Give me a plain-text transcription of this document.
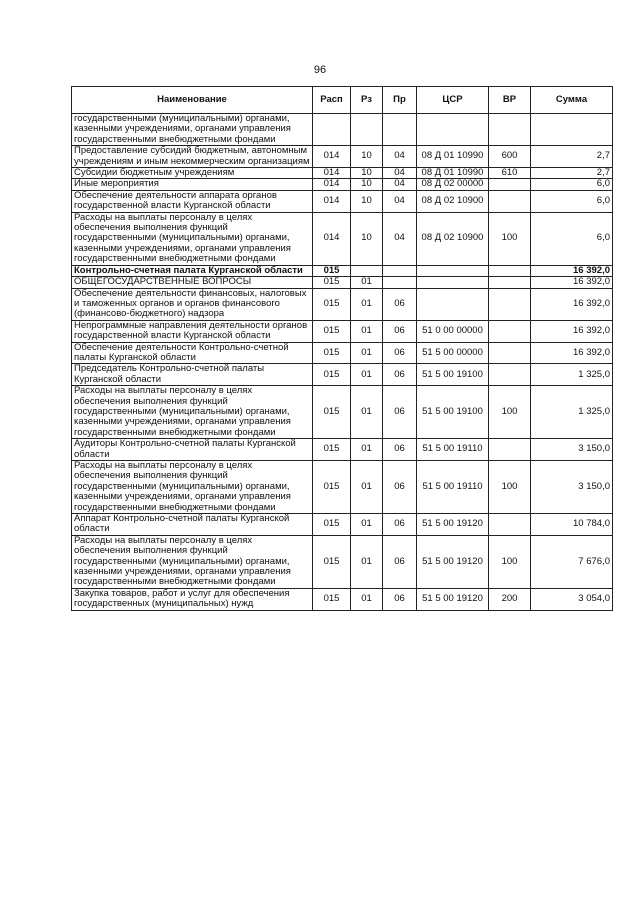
96
Наименование	Расп	Рз	Пр	ЦСР	ВР	Сумма
государственными (муниципальными) органами, казенными учреждениями, органами управления государственными внебюджетными фондами						
Предоставление субсидий бюджетным, автономным учреждениям и иным некоммерческим организациям	014	10	04	08 Д 01 10990	600	2,7
Субсидии бюджетным учреждениям	014	10	04	08 Д 01 10990	610	2,7
Иные мероприятия	014	10	04	08 Д 02 00000		6,0
Обеспечение деятельности аппарата органов государственной власти Курганской области	014	10	04	08 Д 02 10900		6,0
Расходы на выплаты персоналу в целях обеспечения выполнения функций государственными (муниципальными) органами, казенными учреждениями, органами управления государственными внебюджетными фондами	014	10	04	08 Д 02 10900	100	6,0
Контрольно-счетная палата Курганской области	015					16 392,0
ОБЩЕГОСУДАРСТВЕННЫЕ ВОПРОСЫ	015	01				16 392,0
Обеспечение деятельности финансовых, налоговых и таможенных органов и органов финансового (финансово-бюджетного) надзора	015	01	06			16 392,0
Непрограммные направления деятельности органов государственной власти Курганской области	015	01	06	51 0 00 00000		16 392,0
Обеспечение деятельности Контрольно-счетной палаты Курганской области	015	01	06	51 5 00 00000		16 392,0
Председатель Контрольно-счетной палаты Курганской области	015	01	06	51 5 00 19100		1 325,0
Расходы на выплаты персоналу в целях обеспечения выполнения функций государственными (муниципальными) органами, казенными учреждениями, органами управления государственными внебюджетными фондами	015	01	06	51 5 00 19100	100	1 325,0
Аудиторы Контрольно-счетной палаты Курганской области	015	01	06	51 5 00 19110		3 150,0
Расходы на выплаты персоналу в целях обеспечения выполнения функций государственными (муниципальными) органами, казенными учреждениями, органами управления государственными внебюджетными фондами	015	01	06	51 5 00 19110	100	3 150,0
Аппарат Контрольно-счетной палаты Курганской области	015	01	06	51 5 00 19120		10 784,0
Расходы на выплаты персоналу в целях обеспечения выполнения функций государственными (муниципальными) органами, казенными учреждениями, органами управления государственными внебюджетными фондами	015	01	06	51 5 00 19120	100	7 676,0
Закупка товаров, работ и услуг для обеспечения государственных (муниципальных) нужд	015	01	06	51 5 00 19120	200	3 054,0
